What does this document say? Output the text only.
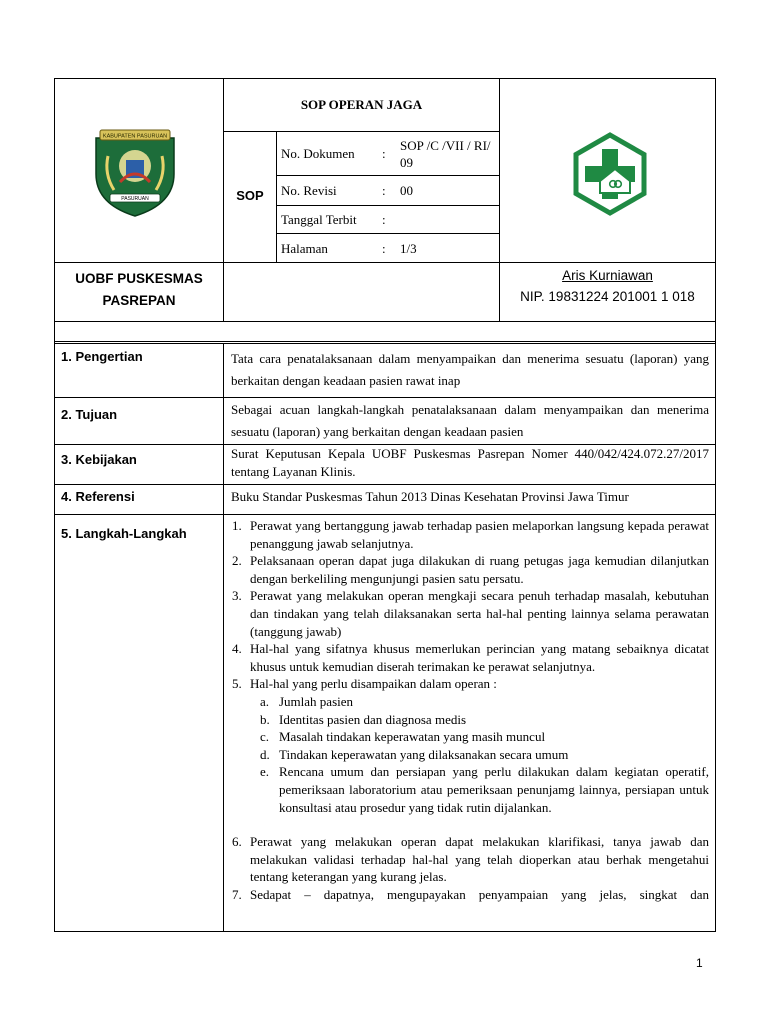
KABUPATEN PASURUAN
PASURUAN
SOP OPERAN JAGA
SOP
No. Dokumen :
SOP /C /VII / RI/ 09
No. Revisi	: 00
Tanggal Terbit :
Halaman	: 1/3
UOBF PUSKESMAS
PASREPAN
Aris Kurniawan
NIP. 19831224 201001 1 018
1. Pengertian	Tata cara penatalaksanaan dalam menyampaikan dan menerima sesuatu (laporan) yang berkaitan dengan keadaan pasien rawat inap
2. Tujuan	Sebagai acuan langkah-langkah penatalaksanaan dalam menyampaikan dan menerima sesuatu (laporan) yang berkaitan dengan keadaan pasien
3. Kebijakan	Surat Keputusan Kepala UOBF Puskesmas Pasrepan Nomer 440/042/424.072.27/2017 tentang Layanan Klinis.
4. Referensi	Buku Standar Puskesmas Tahun 2013 Dinas Kesehatan Provinsi Jawa Timur
5. Langkah-Langkah
1. Perawat yang bertanggung jawab terhadap pasien melaporkan langsung kepada perawat penanggung jawab selanjutnya.
2. Pelaksanaan operan dapat juga dilakukan di ruang petugas jaga kemudian dilanjutkan dengan berkeliling mengunjungi pasien satu persatu.
3. Perawat yang melakukan operan mengkaji secara penuh terhadap masalah, kebutuhan dan tindakan yang telah dilaksanakan serta hal-hal penting lainnya selama perawatan (tanggung jawab)
4. Hal-hal yang sifatnya khusus memerlukan perincian yang matang sebaiknya dicatat khusus untuk kemudian diserah terimakan ke perawat selanjutnya.
5. Hal-hal yang perlu disampaikan dalam operan :
a. Jumlah pasien
b. Identitas pasien dan diagnosa medis
c. Masalah tindakan keperawatan yang masih muncul
d. Tindakan keperawatan yang dilaksanakan secara umum
e. Rencana umum dan persiapan yang perlu dilakukan dalam kegiatan operatif, pemeriksaan laboratorium atau pemeriksaan penunjamg lainnya, persiapan untuk konsultasi atau prosedur yang tidak rutin dijalankan.
6. Perawat yang melakukan operan dapat melakukan klarifikasi, tanya jawab dan melakukan validasi terhadap hal-hal yang telah dioperkan atau berhak mengetahui tentang keterangan yang kurang jelas.
7. Sedapat – dapatnya, mengupayakan penyampaian yang jelas, singkat dan
1
